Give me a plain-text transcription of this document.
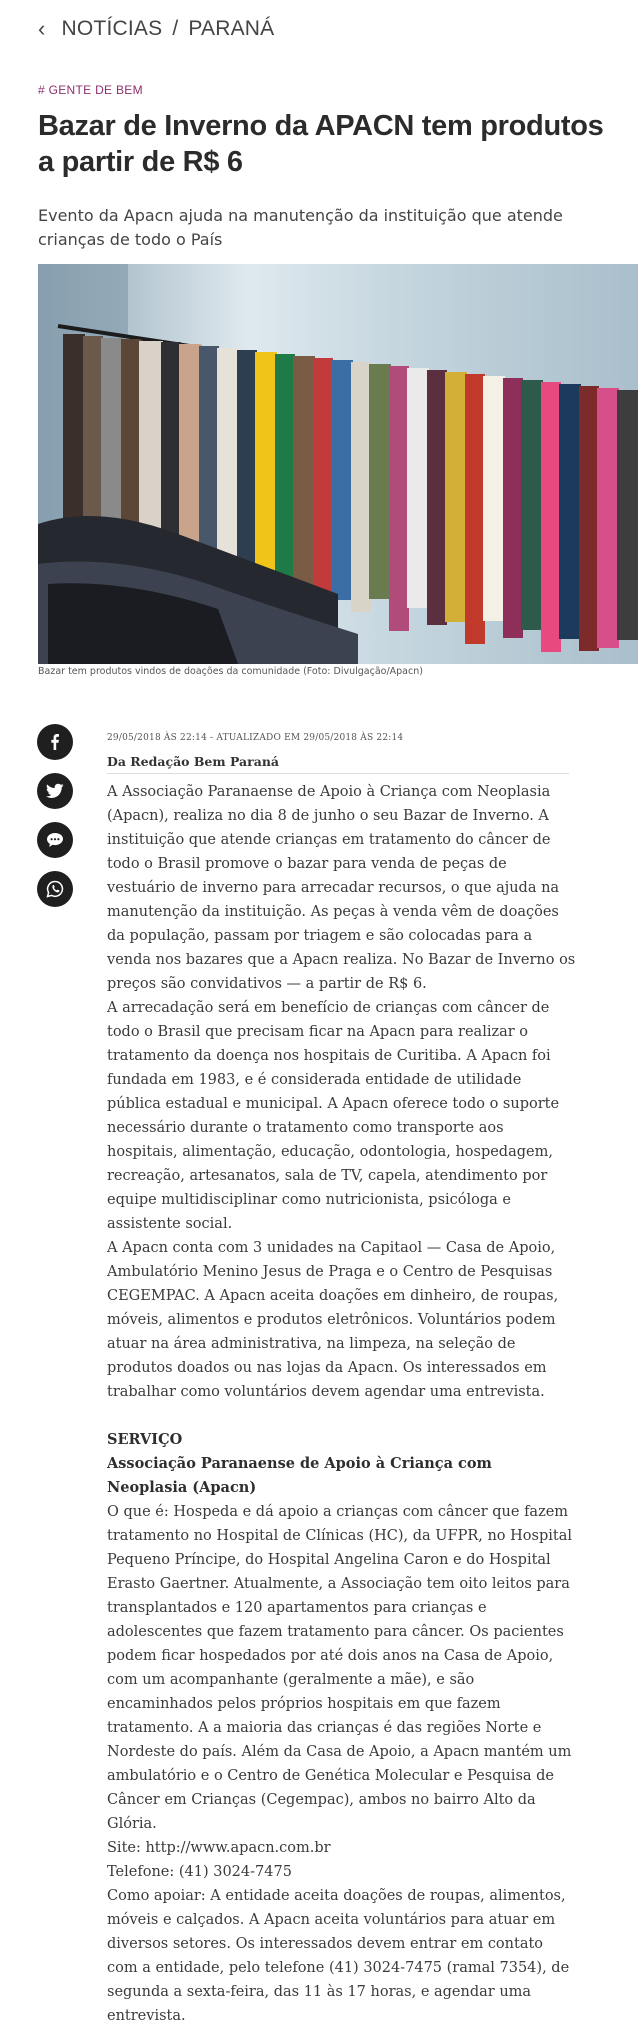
‹ NOTÍCIAS / PARANÁ
# GENTE DE BEM
Bazar de Inverno da APACN tem produtos a partir de R$ 6

Evento da Apacn ajuda na manutenção da instituição que atende crianças de todo o País

Bazar tem produtos vindos de doações da comunidade (Foto: Divulgação/Apacn)
29/05/2018 ÀS 22:14 - ATUALIZADO EM 29/05/2018 ÀS 22:14
Da Redação Bem Paraná

A Associação Paranaense de Apoio à Criança com Neoplasia (Apacn), realiza no dia 8 de junho o seu Bazar de Inverno. A instituição que atende crianças em tratamento do câncer de todo o Brasil promove o bazar para venda de peças de vestuário de inverno para arrecadar recursos, o que ajuda na manutenção da instituição. As peças à venda vêm de doações da população, passam por triagem e são colocadas para a venda nos bazares que a Apacn realiza. No Bazar de Inverno os preços são convidativos — a partir de R$ 6.

A arrecadação será em benefício de crianças com câncer de todo o Brasil que precisam ficar na Apacn para realizar o tratamento da doença nos hospitais de Curitiba. A Apacn foi fundada em 1983, e é considerada entidade de utilidade pública estadual e municipal. A Apacn oferece todo o suporte necessário durante o tratamento como transporte aos hospitais, alimentação, educação, odontologia, hospedagem, recreação, artesanatos, sala de TV, capela, atendimento por equipe multidisciplinar como nutricionista, psicóloga e assistente social.

A Apacn conta com 3 unidades na Capitaol — Casa de Apoio, Ambulatório Menino Jesus de Praga e o Centro de Pesquisas CEGEMPAC. A Apacn aceita doações em dinheiro, de roupas, móveis, alimentos e produtos eletrônicos. Voluntários podem atuar na área administrativa, na limpeza, na seleção de produtos doados ou nas lojas da Apacn. Os interessados em trabalhar como voluntários devem agendar uma entrevista.

SERVIÇO

Associação Paranaense de Apoio à Criança com Neoplasia (Apacn)

O que é: Hospeda e dá apoio a crianças com câncer que fazem tratamento no Hospital de Clínicas (HC), da UFPR, no Hospital Pequeno Príncipe, do Hospital Angelina Caron e do Hospital Erasto Gaertner. Atualmente, a Associação tem oito leitos para transplantados e 120 apartamentos para crianças e adolescentes que fazem tratamento para câncer. Os pacientes podem ficar hospedados por até dois anos na Casa de Apoio, com um acompanhante (geralmente a mãe), e são encaminhados pelos próprios hospitais em que fazem tratamento. A a maioria das crianças é das regiões Norte e Nordeste do país. Além da Casa de Apoio, a Apacn mantém um ambulatório e o Centro de Genética Molecular e Pesquisa de Câncer em Crianças (Cegempac), ambos no bairro Alto da Glória.

Site: http://www.apacn.com.br

Telefone: (41) 3024-7475

Como apoiar: A entidade aceita doações de roupas, alimentos, móveis e calçados. A Apacn aceita voluntários para atuar em diversos setores. Os interessados devem entrar em contato com a entidade, pelo telefone (41) 3024-7475 (ramal 7354), de segunda a sexta-feira, das 11 às 17 horas, e agendar uma entrevista.
